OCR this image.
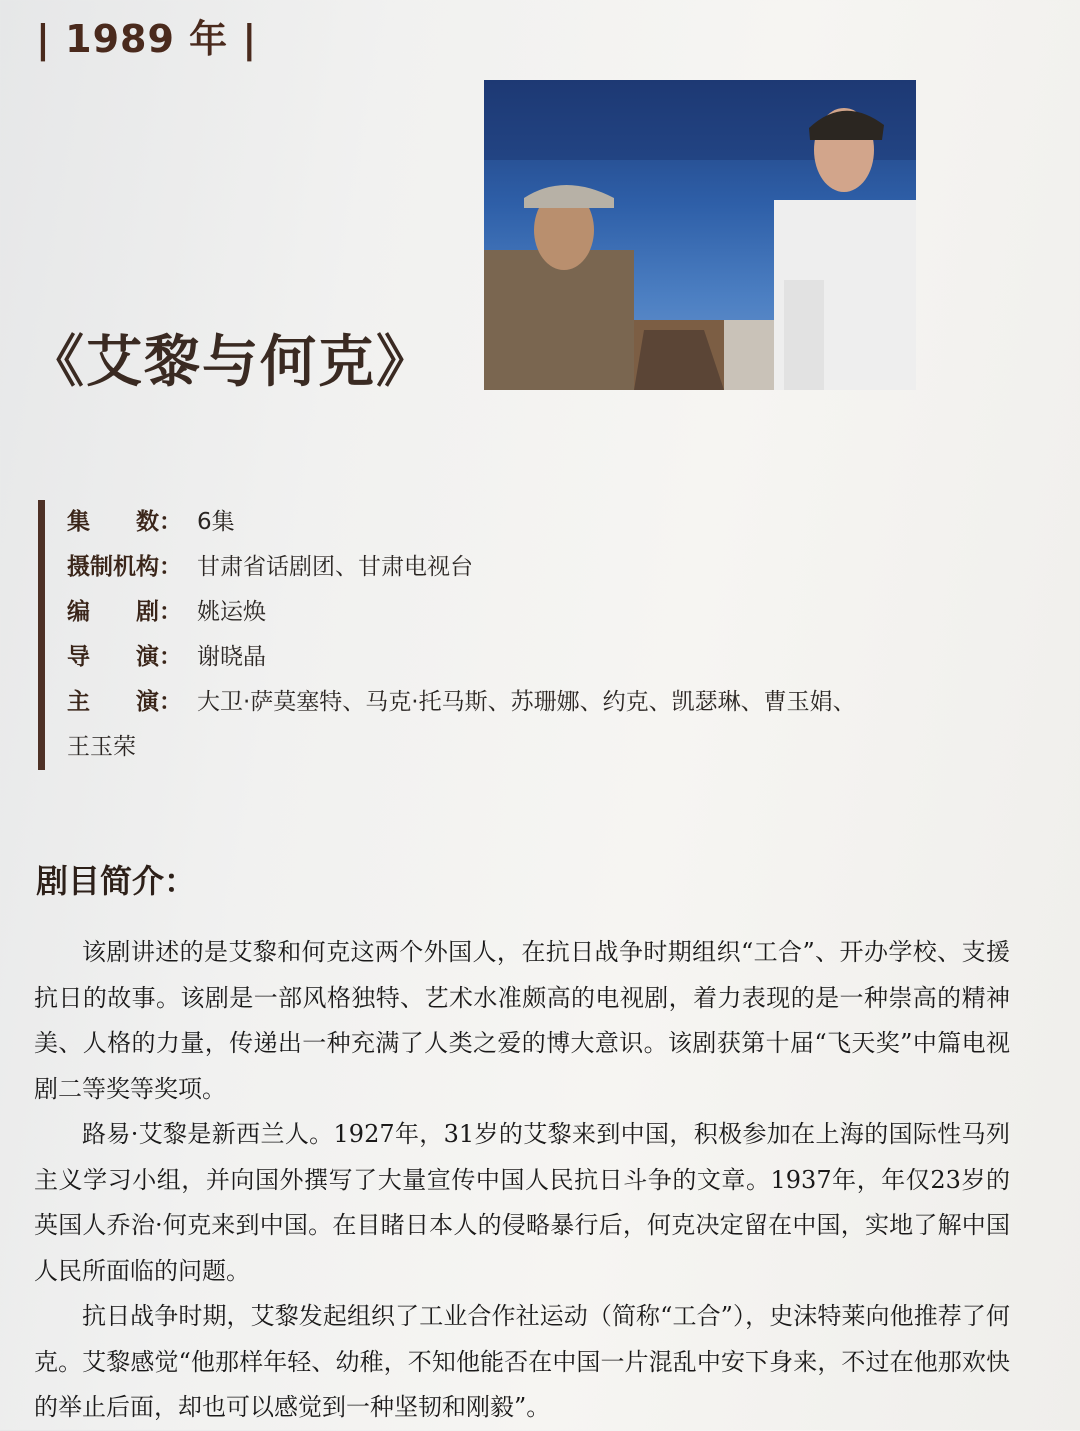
| 1989 年 |
《艾黎与何克》
集　　数： 6集
摄制机构： 甘肃省话剧团、甘肃电视台
编　　剧： 姚运焕
导　　演： 谢晓晶
主　　演： 大卫·萨莫塞特、马克·托马斯、苏珊娜、约克、凯瑟琳、曹玉娟、
王玉荣
剧目简介：

该剧讲述的是艾黎和何克这两个外国人，在抗日战争时期组织“工合”、开办学校、支援抗日的故事。该剧是一部风格独特、艺术水准颇高的电视剧，着力表现的是一种崇高的精神美、人格的力量，传递出一种充满了人类之爱的博大意识。该剧获第十届“飞天奖”中篇电视剧二等奖等奖项。

路易·艾黎是新西兰人。1927年，31岁的艾黎来到中国，积极参加在上海的国际性马列主义学习小组，并向国外撰写了大量宣传中国人民抗日斗争的文章。1937年，年仅23岁的英国人乔治·何克来到中国。在目睹日本人的侵略暴行后，何克决定留在中国，实地了解中国人民所面临的问题。

抗日战争时期，艾黎发起组织了工业合作社运动（简称“工合”），史沫特莱向他推荐了何克。艾黎感觉“他那样年轻、幼稚，不知他能否在中国一片混乱中安下身来，不过在他那欢快的举止后面，却也可以感觉到一种坚韧和刚毅”。
